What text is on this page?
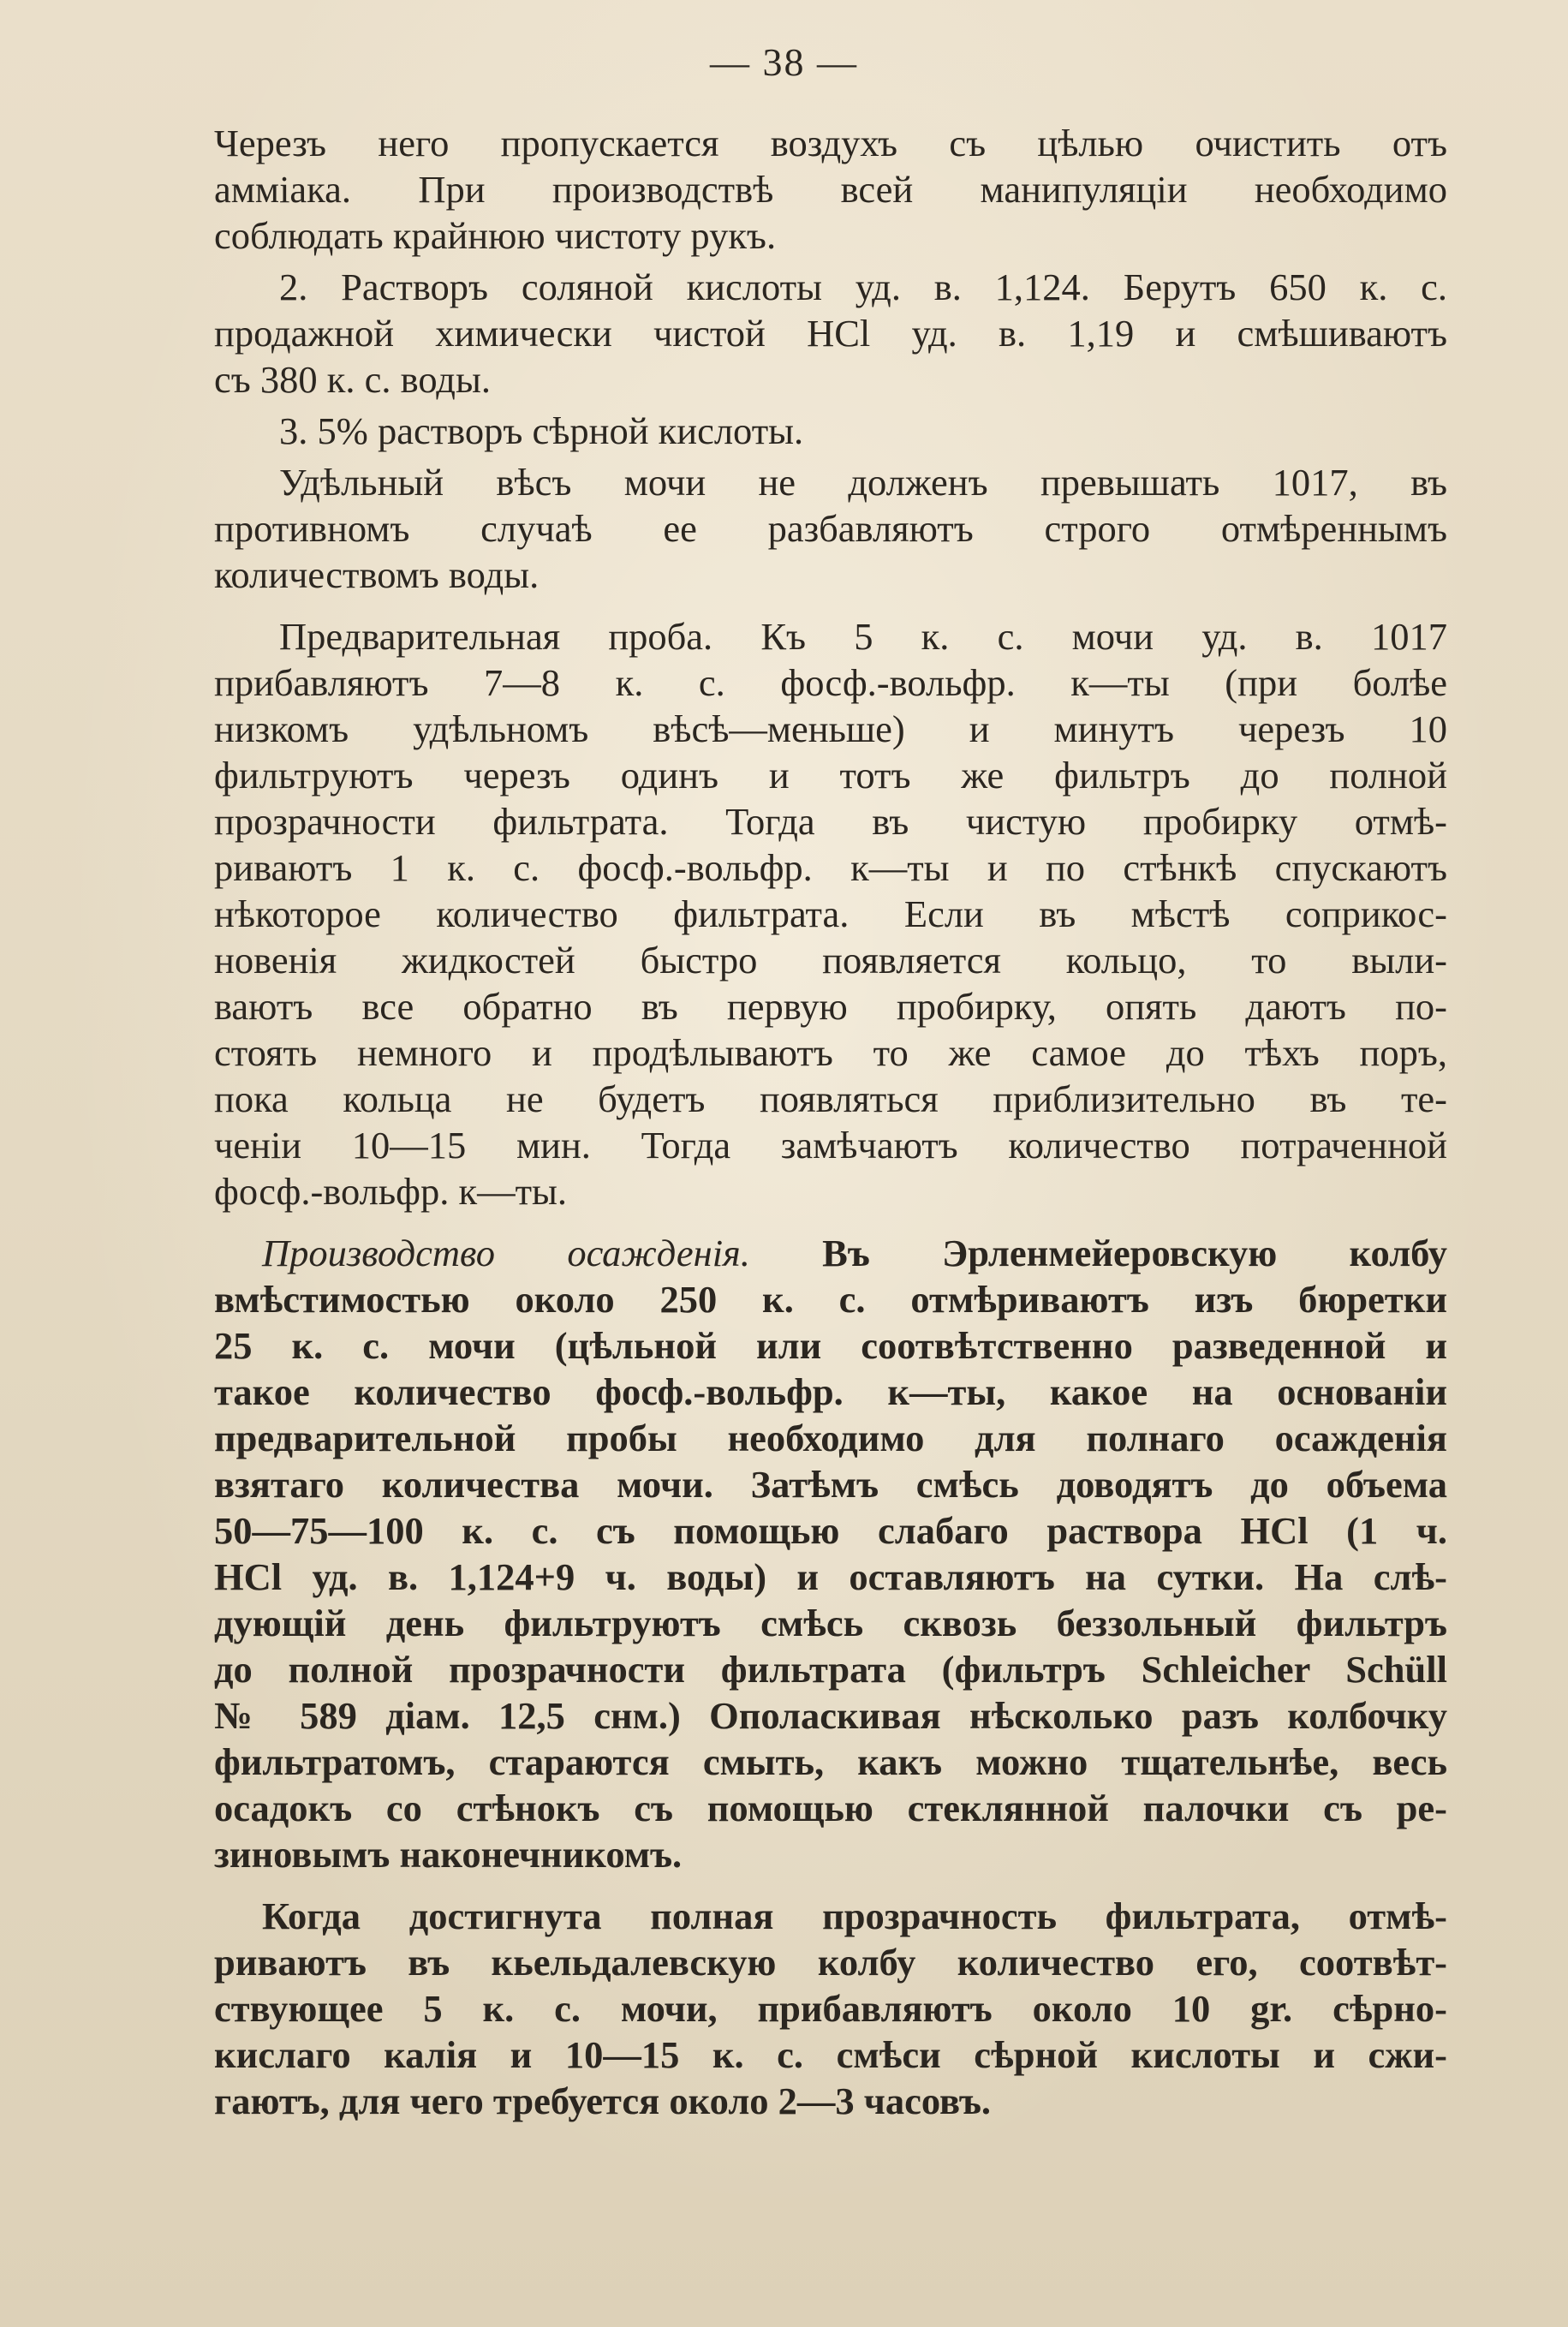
— 38 —
Черезъ него пропускается воздухъ съ цѣлью очистить отъ
амміака. При производствѣ всей манипуляціи необходимо
соблюдать крайнюю чистоту рукъ.
2. Растворъ соляной кислоты уд. в. 1,124. Берутъ 650 к. с.
продажной химически чистой HCl уд. в. 1,19 и смѣшиваютъ
съ 380 к. с. воды.
3. 5% растворъ сѣрной кислоты.
Удѣльный вѣсъ мочи не долженъ превышать 1017, въ
противномъ случаѣ ее разбавляютъ строго отмѣреннымъ
количествомъ воды.
Предварительная проба. Къ 5 к. с. мочи уд. в. 1017
прибавляютъ 7—8 к. с. фосф.-вольфр. к—ты (при болѣе
низкомъ удѣльномъ вѣсѣ—меньше) и минутъ черезъ 10
фильтруютъ черезъ одинъ и тотъ же фильтръ до полной
прозрачности фильтрата. Тогда въ чистую пробирку отмѣ-
риваютъ 1 к. с. фосф.-вольфр. к—ты и по стѣнкѣ спускаютъ
нѣкоторое количество фильтрата. Если въ мѣстѣ соприкос-
новенія жидкостей быстро появляется кольцо, то выли-
ваютъ все обратно въ первую пробирку, опять даютъ по-
стоять немного и продѣлываютъ то же самое до тѣхъ поръ,
пока кольца не будетъ появляться приблизительно въ те-
ченіи 10—15 мин. Тогда замѣчаютъ количество потраченной
фосф.-вольфр. к—ты.
Производство осажденія. Въ Эрленмейеровскую колбу
вмѣстимостью около 250 к. с. отмѣриваютъ изъ бюретки
25 к. с. мочи (цѣльной или соотвѣтственно разведенной и
такое количество фосф.-вольфр. к—ты, какое на основаніи
предварительной пробы необходимо для полнаго осажденія
взятаго количества мочи. Затѣмъ смѣсь доводятъ до объема
50—75—100 к. с. съ помощью слабаго раствора HCl (1 ч.
HCl уд. в. 1,124+9 ч. воды) и оставляютъ на сутки. На слѣ-
дующій день фильтруютъ смѣсь сквозь беззольный фильтръ
до полной прозрачности фильтрата (фильтръ Schleicher Schüll
№ 589 діам. 12,5 снм.) Ополаскивая нѣсколько разъ колбочку
фильтратомъ, стараются смыть, какъ можно тщательнѣе, весь
осадокъ со стѣнокъ съ помощью стеклянной палочки съ ре-
зиновымъ наконечникомъ.
Когда достигнута полная прозрачность фильтрата, отмѣ-
риваютъ въ кьельдалевскую колбу количество его, соотвѣт-
ствующее 5 к. с. мочи, прибавляютъ около 10 gr. сѣрно-
кислаго калія и 10—15 к. с. смѣси сѣрной кислоты и сжи-
гаютъ, для чего требуется около 2—3 часовъ.
